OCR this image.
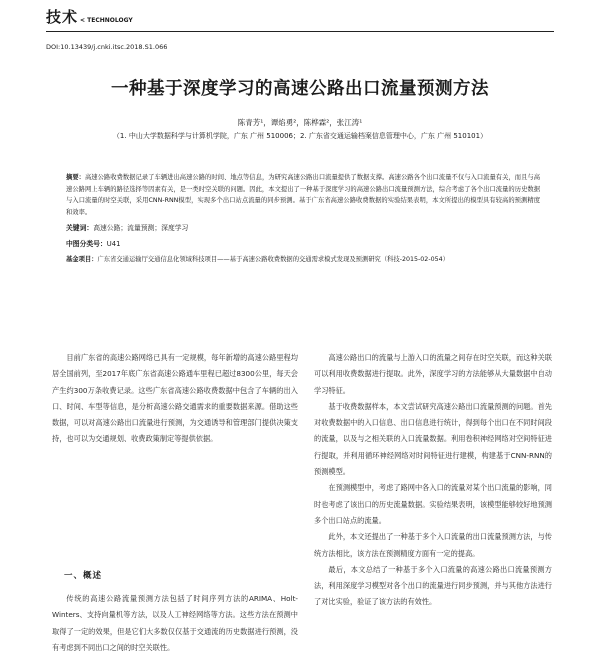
技术 < TECHNOLOGY
DOI:10.13439/j.cnki.itsc.2018.S1.066
一种基于深度学习的高速公路出口流量预测方法
陈青芳¹，谭焰勇²，陈桦霖²，张江涛¹
（1. 中山大学数据科学与计算机学院，广东 广州 510006；2. 广东省交通运输档案信息管理中心，广东 广州 510101）
摘要：高速公路收费数据记录了车辆进出高速公路的时间、地点等信息，为研究高速公路出口流量提供了数据支撑。高速公路各个出口流量不仅与入口流量有关，而且与高速公路网上车辆的路径选择等因素有关，是一类时空关联的问题。因此，本文提出了一种基于深度学习的高速公路出口流量预测方法，综合考虑了各个出口流量的历史数据与入口流量的时空关联，采用CNN-RNN模型，实现多个出口站点流量的同步预测。基于广东省高速公路收费数据的实验结果表明，本文所提出的模型具有较高的预测精度和效率。
关键词：高速公路；流量预测；深度学习
中图分类号：U41
基金项目：广东省交通运输厅交通信息化领域科技项目——基于高速公路收费数据的交通需求模式发现及预测研究（科技-2015-02-054）

目前广东省的高速公路网络已具有一定规模，每年新增的高速公路里程均居全国前列，至2017年底广东省高速公路通车里程已超过8300公里，每天会产生约300万条收费记录。这些广东省高速公路收费数据中包含了车辆的出入口、时间、车型等信息，是分析高速公路交通需求的重要数据来源。借助这些数据，可以对高速公路出口流量进行预测，为交通诱导和管理部门提供决策支持，也可以为交通规划、收费政策制定等提供依据。

一、概述

传统的高速公路流量预测方法包括了时间序列方法的ARIMA、Holt-Winters、支持向量机等方法，以及人工神经网络等方法。这些方法在预测中取得了一定的效果，但是它们大多数仅仅基于交通流的历史数据进行预测，没有考虑到不同出口之间的时空关联性。

高速公路出口的流量与上游入口的流量之间存在时空关联，而这种关联可以利用收费数据进行提取。此外，深度学习的方法能够从大量数据中自动学习特征。

基于收费数据样本，本文尝试研究高速公路出口流量预测的问题。首先对收费数据中的入口信息、出口信息进行统计，得到每个出口在不同时间段的流量，以及与之相关联的入口流量数据。利用卷积神经网络对空间特征进行提取，并利用循环神经网络对时间特征进行建模，构建基于CNN-RNN的预测模型。

在预测模型中，考虑了路网中各入口的流量对某个出口流量的影响，同时也考虑了该出口的历史流量数据。实验结果表明，该模型能够较好地预测多个出口站点的流量。

此外，本文还提出了一种基于多个入口流量的出口流量预测方法，与传统方法相比，该方法在预测精度方面有一定的提高。

最后，本文总结了一种基于多个入口流量的高速公路出口流量预测方法，利用深度学习模型对各个出口的流量进行同步预测，并与其他方法进行了对比实验，验证了该方法的有效性。
